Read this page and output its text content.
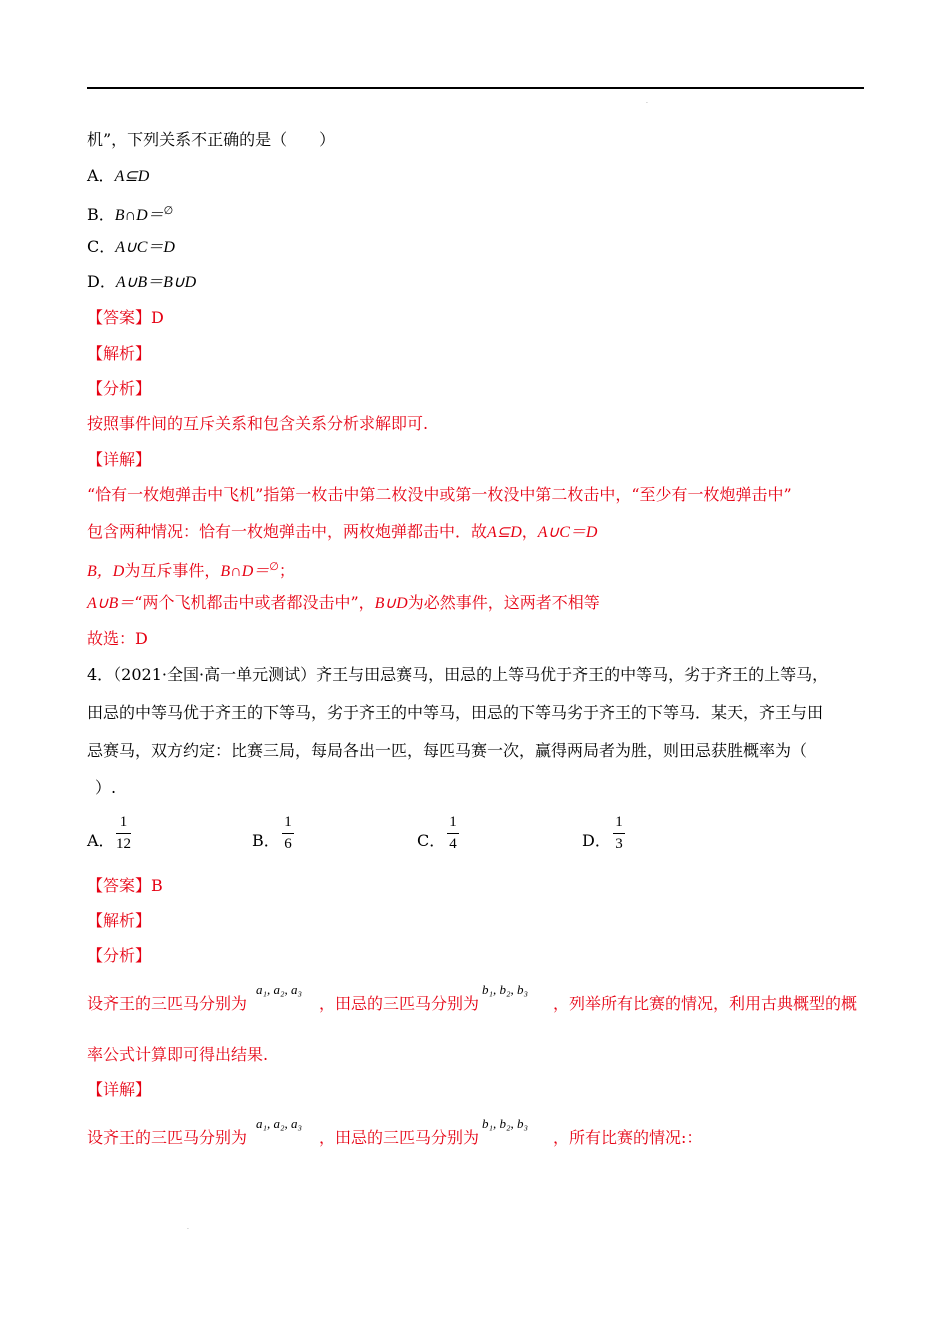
.
机”，下列关系不正确的是（　　）
A．A⊆D
B．B∩D＝∅
C．A∪C＝D
D．A∪B＝B∪D
【答案】D
【解析】
【分析】
按照事件间的互斥关系和包含关系分析求解即可.
【详解】
“恰有一枚炮弹击中飞机”指第一枚击中第二枚没中或第一枚没中第二枚击中，“至少有一枚炮弹击中”
包含两种情况：恰有一枚炮弹击中，两枚炮弹都击中．故A⊆D，A∪C＝D
B，D为互斥事件，B∩D＝∅；
A∪B＝“两个飞机都击中或者都没击中”，B∪D为必然事件，这两者不相等
故选：D
4．（2021·全国·高一单元测试）齐王与田忌赛马，田忌的上等马优于齐王的中等马，劣于齐王的上等马，
田忌的中等马优于齐王的下等马，劣于齐王的中等马，田忌的下等马劣于齐王的下等马．某天，齐王与田
忌赛马，双方约定：比赛三局，每局各出一匹，每匹马赛一次，赢得两局者为胜，则田忌获胜概率为（
）.
A．
1
12	B．
1
6	C．
1
4	D．
1
3
【答案】B
【解析】
【分析】
a₁, a₂, a₃	b₁, b₂, b₃
设齐王的三匹马分别为	，田忌的三匹马分别为	，列举所有比赛的情况，利用古典概型的概
率公式计算即可得出结果.
【详解】
a₁, a₂, a₃	b₁, b₂, b₃
设齐王的三匹马分别为	，田忌的三匹马分别为	，所有比赛的情况:：
.
